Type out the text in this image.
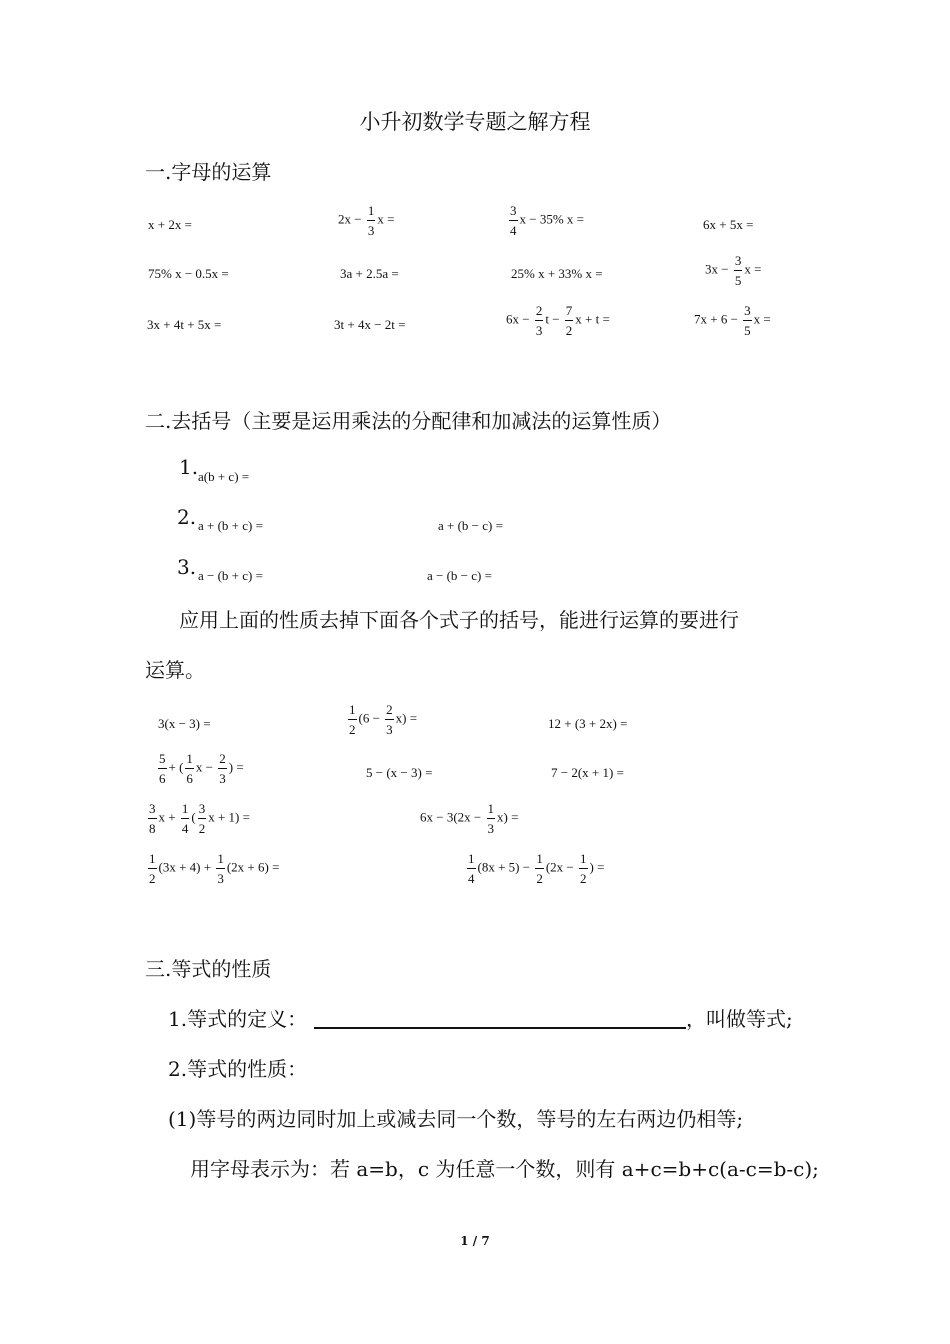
小升初数学专题之解方程
一.字母的运算
x + 2x =	$2x - \frac{1}{3}$ x =	$\frac{3}{4}$ x − 35% x =	6x + 5x =
75% x − 0.5x =	3a + 2.5a =	25% x + 33% x =	$3x - \frac{3}{5}$ x =
3x + 4t + 5x =	3t + 4x − 2t =	$6x - \frac{2}{3}$ $t - \frac{7}{2}$ x + t =	$7x + 6 - \frac{3}{5}$ x =
二.去括号（主要是运用乘法的分配律和加减法的运算性质）
1. a(b + c) =
2. a + (b + c) =	a + (b − c) =
3. a − (b + c) =	a − (b − c) =
应用上面的性质去掉下面各个式子的括号，能进行运算的要进行
运算。
3(x − 3) =	$\frac{1}{2} (6 - \frac{2}{3} x)$ =	12 + (3 + 2x) =
$\frac{5}{6}$ + ( $\frac{1}{6}$ $x - \frac{2}{3}$ ) =	5 − (x − 3) =	7 − 2(x + 1) =
$\frac{3}{8}$ $x + \frac{1}{4}$ ( $\frac{3}{2}$ x + 1) =	$6x - 3(2x - \frac{1}{3} x)$ =
$\frac{1}{2} (3x + 4) + \frac{1}{3} (2x + 6)$ =	$\frac{1}{4} (8x + 5) - \frac{1}{2} (2x - \frac{1}{2}$ ) =
三.等式的性质
1.等式的定义：	，叫做等式;
2.等式的性质：
(1)等号的两边同时加上或减去同一个数，等号的左右两边仍相等;
用字母表示为：若 a=b，c 为任意一个数，则有 a+c=b+c(a-c=b-c);
1 / 7
